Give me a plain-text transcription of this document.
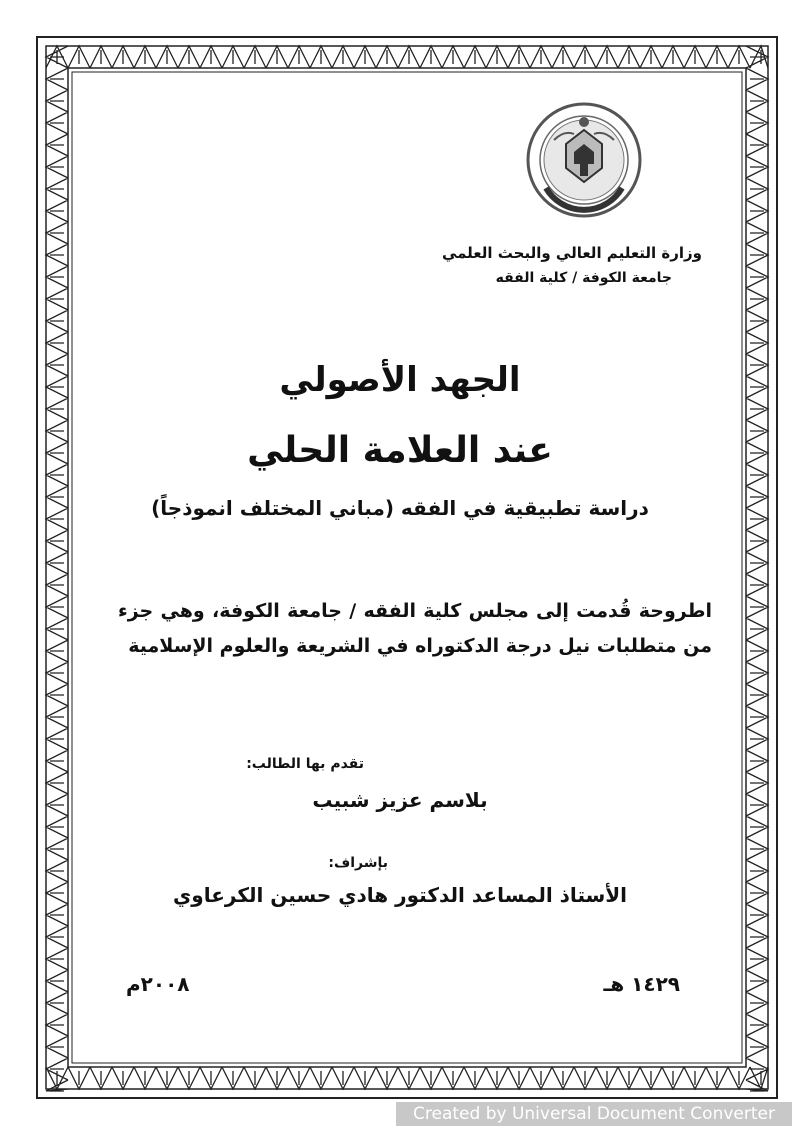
وزارة التعليم العالي والبحث العلمي
جامعة الكوفة / كلية الفقه
الجهد الأصولي
عند العلامة الحلي
دراسة تطبيقية في الفقه (مباني المختلف انموذجاً)
اطروحة قُدمت إلى مجلس كلية الفقه / جامعة الكوفة، وهي جزء من متطلبات نيل درجة الدكتوراه في الشريعة والعلوم الإسلامية
تقدم بها الطالب:
بلاسم عزيز شبيب
بإشراف:
الأستاذ المساعد الدكتور هادي حسين الكرعاوي
١٤٢٩ هـ
٢٠٠٨م
Created by Universal Document Converter
